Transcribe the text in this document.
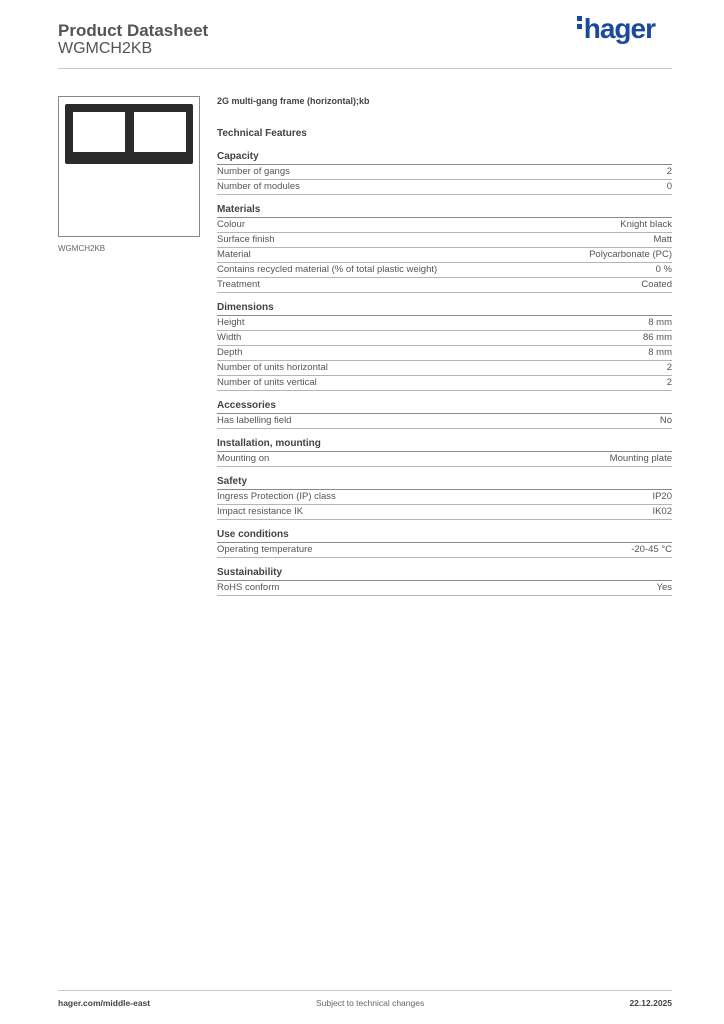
Product Datasheet
WGMCH2KB
hager
WGMCH2KB
2G multi-gang frame (horizontal);kb
Technical Features
Capacity
Number of gangs	2
Number of modules	0
Materials
Colour	Knight black
Surface finish	Matt
Material	Polycarbonate (PC)
Contains recycled material (% of total plastic weight)	0 %
Treatment	Coated
Dimensions
Height	8 mm
Width	86 mm
Depth	8 mm
Number of units horizontal	2
Number of units vertical	2
Accessories
Has labelling field	No
Installation, mounting
Mounting on	Mounting plate
Safety
Ingress Protection (IP) class	IP20
Impact resistance IK	IK02
Use conditions
Operating temperature	-20-45 °C
Sustainability
RoHS conform	Yes
hager.com/middle-east	Subject to technical changes	22.12.2025
